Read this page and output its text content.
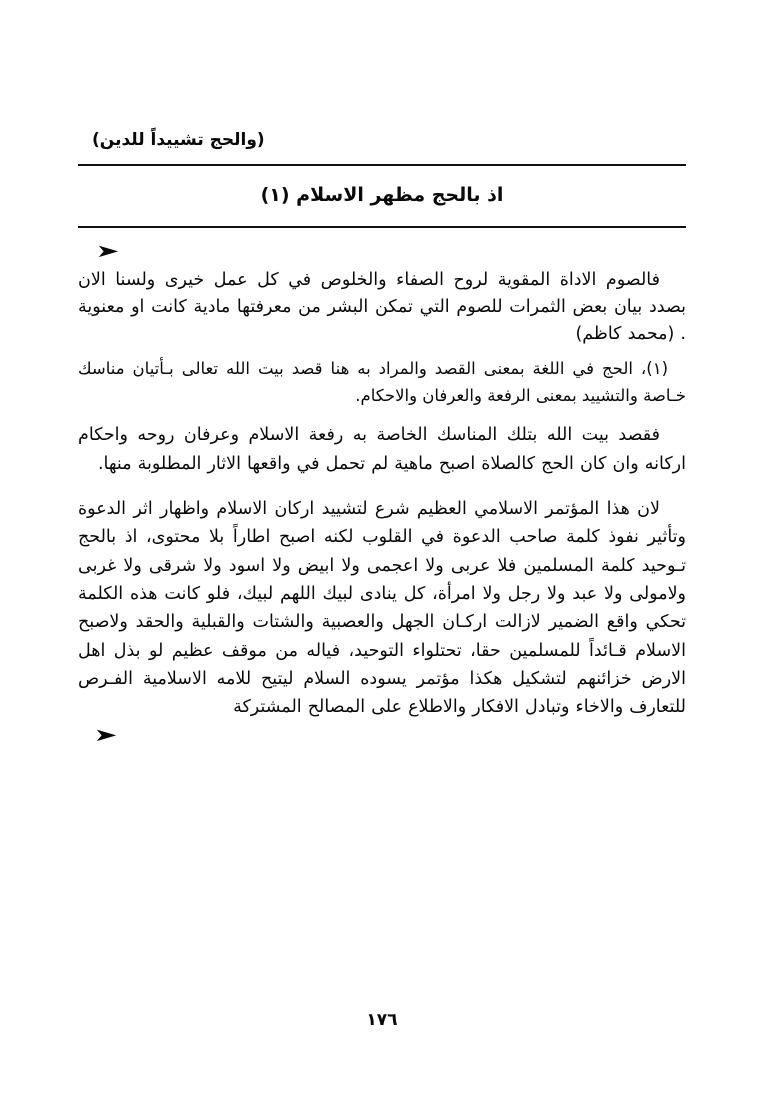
(والحج تشييداً للدين)
اذ بالحج مظهر الاسلام (١)
➤

فالصوم الاداة المقوية لروح الصفاء والخلوص في كل عمل خيرى ولسنا الان بصدد بيان بعض الثمرات للصوم التي تمكن البشر من معرفتها مادية كانت او معنوية . (محمد كاظم)

(١)، الحج في اللغة بمعنى القصد والمراد به هنا قصد بيت الله تعالى بـأتيان مناسك خـاصة والتشييد بمعنى الرفعة والعرفان والاحكام.

فقصد بيت الله بتلك المناسك الخاصة به رفعة الاسلام وعرفان روحه واحكام اركانه وان كان الحج كالصلاة اصبح ماهية لم تحمل في واقعها الاثار المطلوبة منها.

لان هذا المؤتمر الاسلامي العظيم شرع لتشييد اركان الاسلام واظهار اثر الدعوة وتأثير نفوذ كلمة صاحب الدعوة في القلوب لكنه اصبح اطاراً بلا محتوى، اذ بالحج تـوحيد كلمة المسلمين فلا عربى ولا اعجمى ولا ابيض ولا اسود ولا شرقى ولا غربى ولامولى ولا عبد ولا رجل ولا امرأة، كل ينادى لبيك اللهم لبيك، فلو كانت هذه الكلمة تحكي واقع الضمير لازالت اركـان الجهل والعصبية والشتات والقبلية والحقد ولاصبح الاسلام قـائداً للمسلمين حقا، تحتلواء التوحيد، فياله من موقف عظيم لو بذل اهل الارض خزائنهم لتشكيل هكذا مؤتمر يسوده السلام ليتيح للامه الاسلامية الفـرص للتعارف والاخاء وتبادل الافكار والاطلاع على المصالح المشتركة

➤
١٧٦
